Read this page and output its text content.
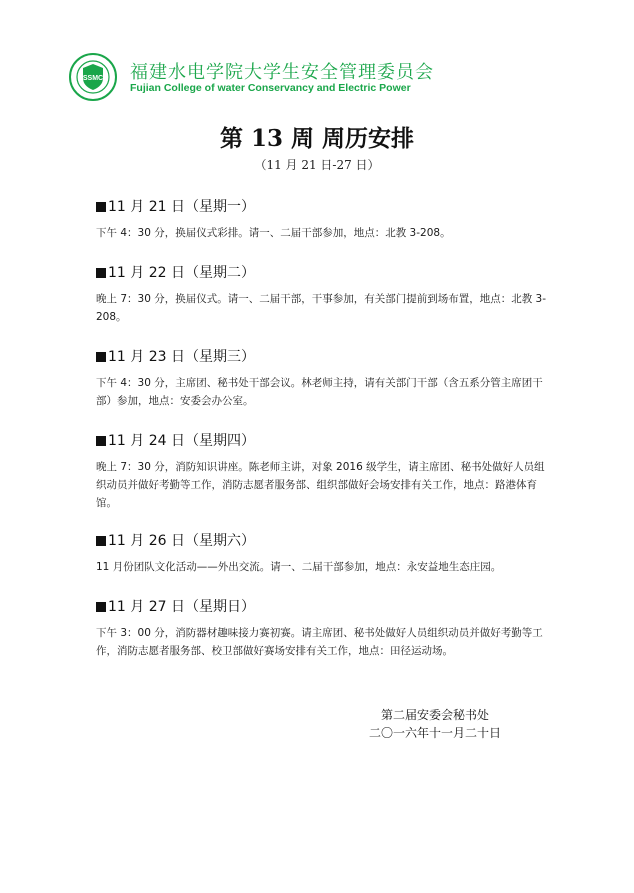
SSMC 福建水电学院大学生安全管理委员会
Fujian College of water Conservancy and Electric Power
第 13 周 周历安排
（11 月 21 日-27 日）
11 月 21 日（星期一）
下午 4：30 分，换届仪式彩排。请一、二届干部参加，地点：北教 3-208。
11 月 22 日（星期二）
晚上 7：30 分，换届仪式。请一、二届干部，干事参加，有关部门提前到场布置，地点：北教 3-208。
11 月 23 日（星期三）
下午 4：30 分，主席团、秘书处干部会议。林老师主持，请有关部门干部（含五系分管主席团干部）参加，地点：安委会办公室。
11 月 24 日（星期四）
晚上 7：30 分，消防知识讲座。陈老师主讲，对象 2016 级学生，请主席团、秘书处做好人员组织动员并做好考勤等工作，消防志愿者服务部、组织部做好会场安排有关工作，地点：路港体育馆。
11 月 26 日（星期六）
11 月份团队文化活动——外出交流。请一、二届干部参加，地点：永安益地生态庄园。
11 月 27 日（星期日）
下午 3：00 分，消防器材趣味接力赛初赛。请主席团、秘书处做好人员组织动员并做好考勤等工作，消防志愿者服务部、校卫部做好赛场安排有关工作，地点：田径运动场。
第二届安委会秘书处
二〇一六年十一月二十日
